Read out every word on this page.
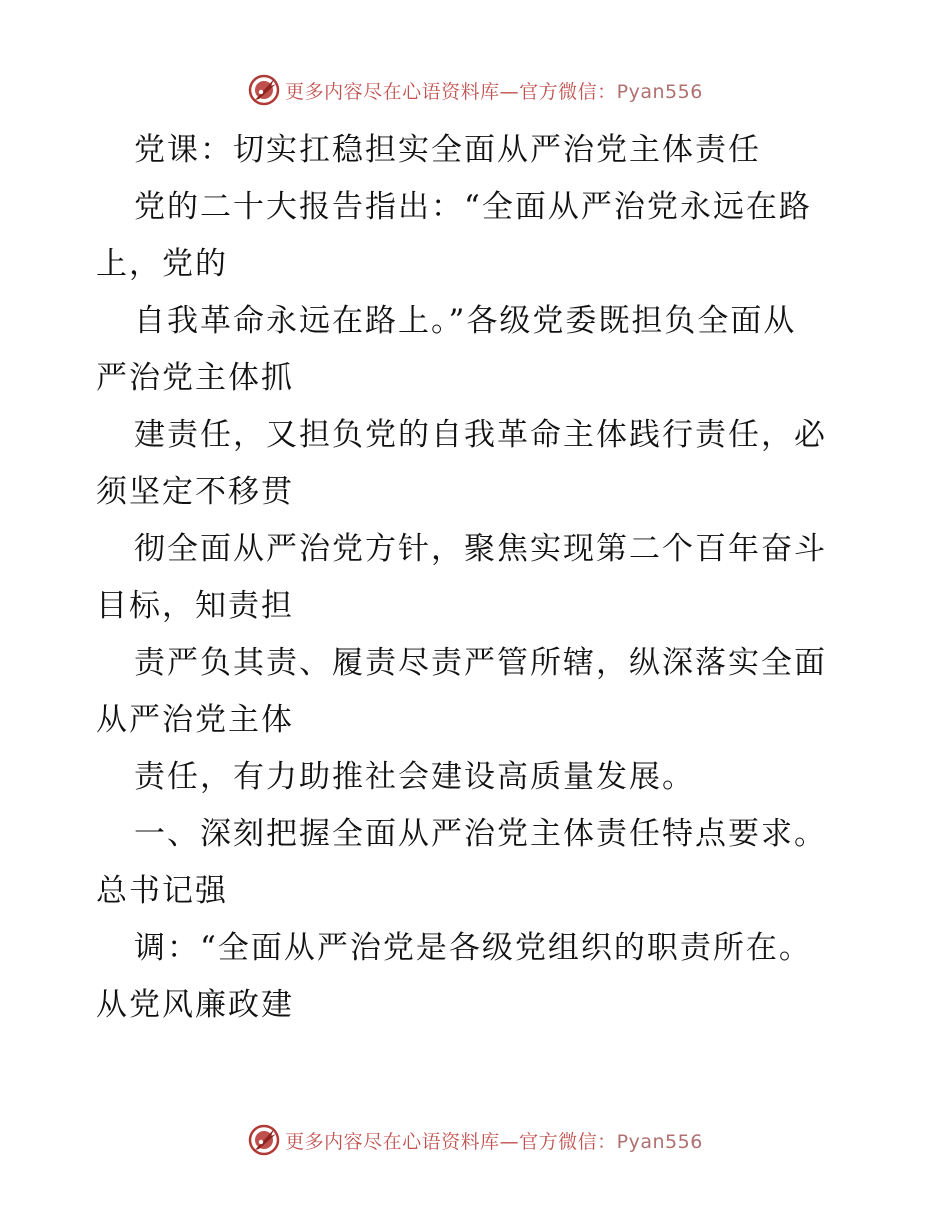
更多内容尽在心语资料库—官方微信：Pyan556
党课：切实扛稳担实全面从严治党主体责任
党的二十大报告指出：“全面从严治党永远在路
上，党的
自我革命永远在路上。”各级党委既担负全面从
严治党主体抓
建责任，又担负党的自我革命主体践行责任，必
须坚定不移贯
彻全面从严治党方针，聚焦实现第二个百年奋斗
目标，知责担
责严负其责、履责尽责严管所辖，纵深落实全面
从严治党主体
责任，有力助推社会建设高质量发展。
一、深刻把握全面从严治党主体责任特点要求。
总书记强
调：“全面从严治党是各级党组织的职责所在。
从党风廉政建
更多内容尽在心语资料库—官方微信：Pyan556
